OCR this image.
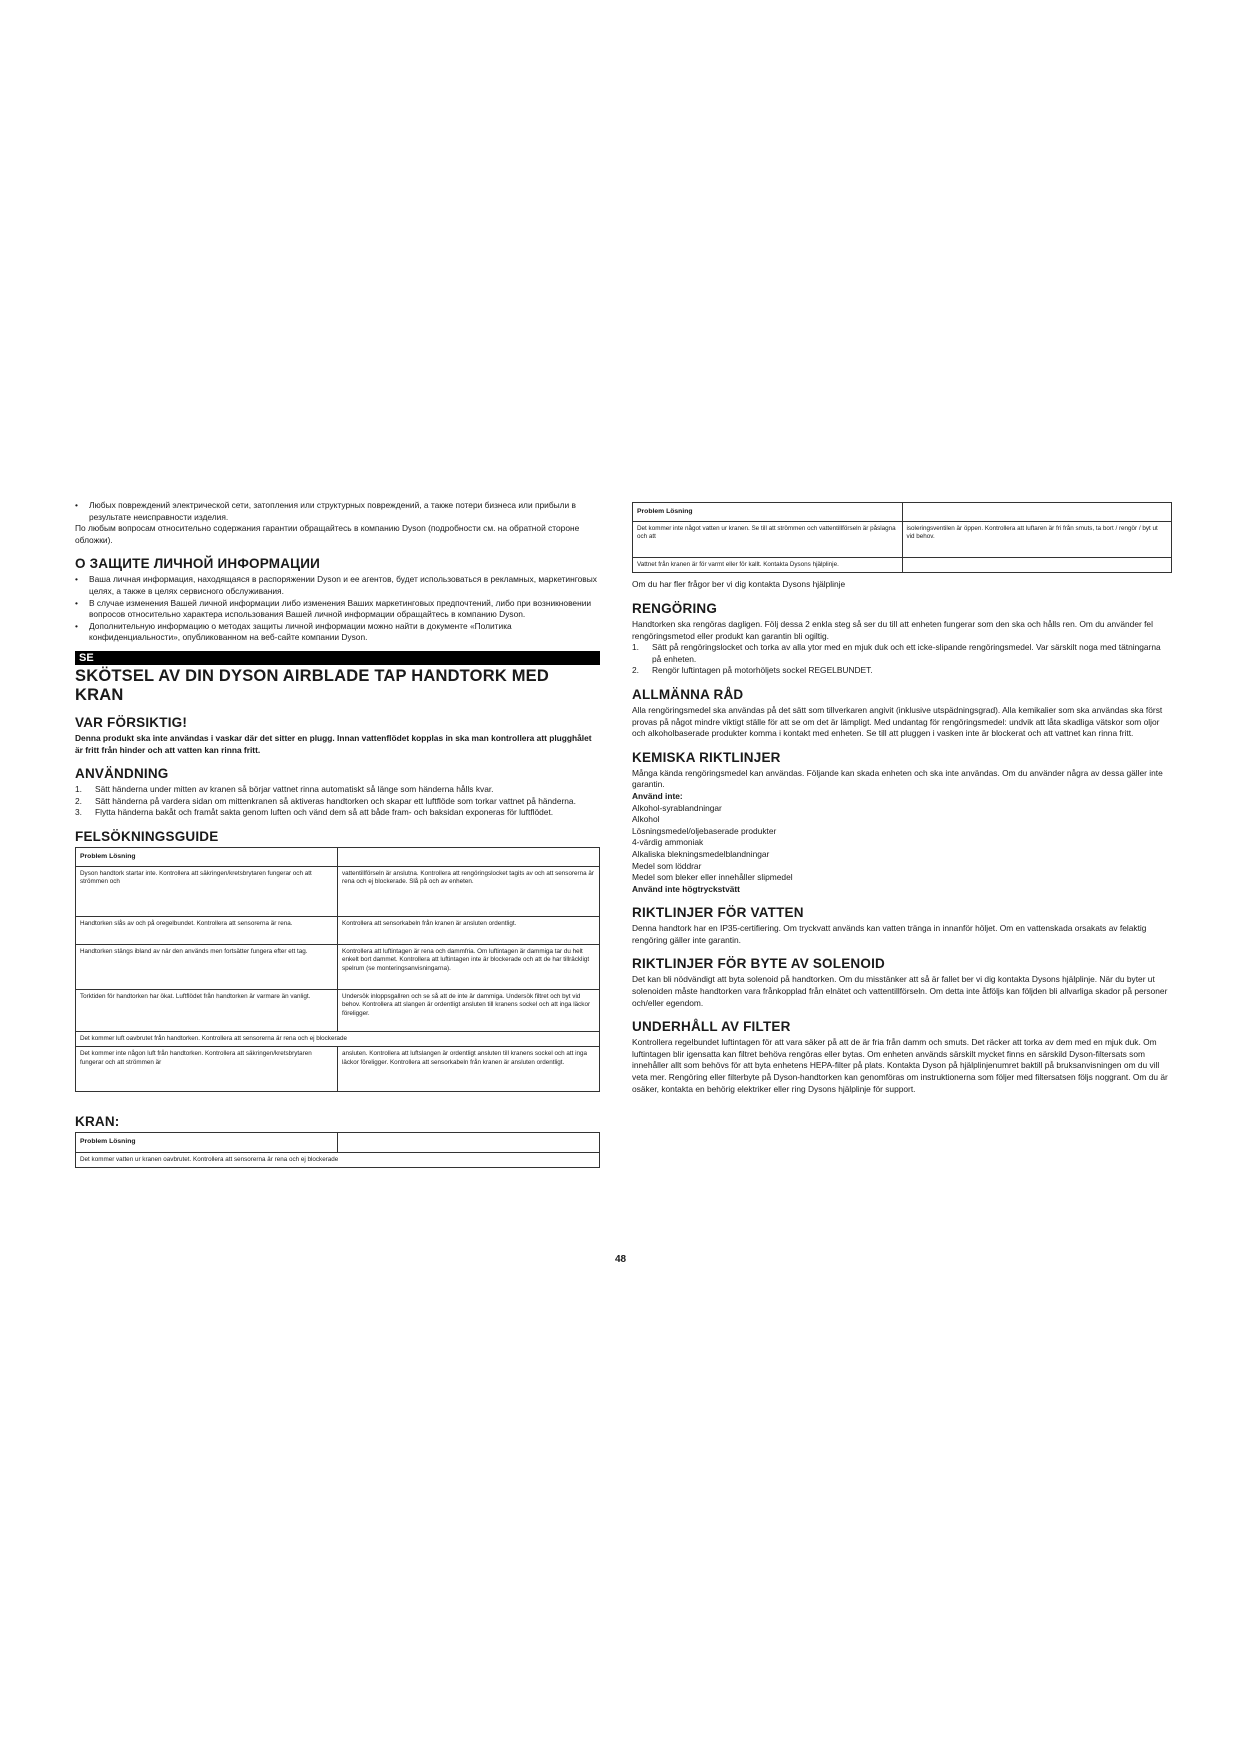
• Любых повреждений электрической сети, затопления или структурных повреждений, а также потери бизнеса или прибыли в результате неисправности изделия.
По любым вопросам относительно содержания гарантии обращайтесь в компанию Dyson (подробности см. на обратной стороне обложки).
О ЗАЩИТЕ ЛИЧНОЙ ИНФОРМАЦИИ
• Ваша личная информация, находящаяся в распоряжении Dyson и ее агентов, будет использоваться в рекламных, маркетинговых целях, а также в целях сервисного обслуживания.
• В случае изменения Вашей личной информации либо изменения Ваших маркетинговых предпочтений, либо при возникновении вопросов относительно характера использования Вашей личной информации обращайтесь в компанию Dyson.
• Дополнительную информацию о методах защиты личной информации можно найти в документе «Политика конфиденциальности», опубликованном на веб-сайте компании Dyson.
SE
SKÖTSEL AV DIN DYSON AIRBLADE TAP HANDTORK MED KRAN
VAR FÖRSIKTIG!
Denna produkt ska inte användas i vaskar där det sitter en plugg. Innan vattenflödet kopplas in ska man kontrollera att plugghålet är fritt från hinder och att vatten kan rinna fritt.
ANVÄNDNING
1. Sätt händerna under mitten av kranen så börjar vattnet rinna automatiskt så länge som händerna hålls kvar.
2. Sätt händerna på vardera sidan om mittenkranen så aktiveras handtorken och skapar ett luftflöde som torkar vattnet på händerna.
3. Flytta händerna bakåt och framåt sakta genom luften och vänd dem så att både fram- och baksidan exponeras för luftflödet.
FELSÖKNINGSGUIDE
Problem Lösning	
Dyson handtork startar inte. Kontrollera att säkringen/kretsbrytaren fungerar och att strömmen och	vattentillförseln är anslutna. Kontrollera att rengöringslocket tagits av och att sensorerna är rena och ej blockerade. Slå på och av enheten.
Handtorken slås av och på oregelbundet. Kontrollera att sensorerna är rena.	Kontrollera att sensorkabeln från kranen är ansluten ordentligt.
Handtorken stängs ibland av när den används men fortsätter fungera efter ett tag.	Kontrollera att luftintagen är rena och dammfria. Om luftintagen är dammiga tar du helt enkelt bort dammet. Kontrollera att luftintagen inte är blockerade och att de har tillräckligt spelrum (se monteringsanvisningarna).
Torktiden för handtorken har ökat. Luftflödet från handtorken är varmare än vanligt.	Undersök inloppsgallren och se så att de inte är dammiga. Undersök filtret och byt vid behov. Kontrollera att slangen är ordentligt ansluten till kranens sockel och att inga läckor föreligger.
Det kommer luft oavbrutet från handtorken. Kontrollera att sensorerna är rena och ej blockerade	
Det kommer inte någon luft från handtorken. Kontrollera att säkringen/kretsbrytaren fungerar och att strömmen är	ansluten. Kontrollera att luftslangen är ordentligt ansluten till kranens sockel och att inga läckor föreligger. Kontrollera att sensorkabeln från kranen är ansluten ordentligt.
KRAN:
Problem Lösning	
Det kommer vatten ur kranen oavbrutet. Kontrollera att sensorerna är rena och ej blockerade
Problem Lösning	
Det kommer inte något vatten ur kranen. Se till att strömmen och vattentillförseln är påslagna och att	isoleringsventilen är öppen. Kontrollera att luftaren är fri från smuts, ta bort / rengör / byt ut vid behov.
Vattnet från kranen är för varmt eller för kallt. Kontakta Dysons hjälplinje.	
Om du har fler frågor ber vi dig kontakta Dysons hjälplinje
RENGÖRING
Handtorken ska rengöras dagligen. Följ dessa 2 enkla steg så ser du till att enheten fungerar som den ska och hålls ren. Om du använder fel rengöringsmetod eller produkt kan garantin bli ogiltig.
1. Sätt på rengöringslocket och torka av alla ytor med en mjuk duk och ett icke-slipande rengöringsmedel. Var särskilt noga med tätningarna på enheten.
2. Rengör luftintagen på motorhöljets sockel REGELBUNDET.
ALLMÄNNA RÅD
Alla rengöringsmedel ska användas på det sätt som tillverkaren angivit (inklusive utspädningsgrad). Alla kemikalier som ska användas ska först provas på något mindre viktigt ställe för att se om det är lämpligt. Med undantag för rengöringsmedel: undvik att låta skadliga vätskor som oljor och alkoholbaserade produkter komma i kontakt med enheten. Se till att pluggen i vasken inte är blockerat och att vattnet kan rinna fritt.
KEMISKA RIKTLINJER
Många kända rengöringsmedel kan användas. Följande kan skada enheten och ska inte användas. Om du använder några av dessa gäller inte garantin.
Använd inte:
Alkohol-syrablandningar
Alkohol
Lösningsmedel/oljebaserade produkter
4-värdig ammoniak
Alkaliska blekningsmedelblandningar
Medel som löddrar
Medel som bleker eller innehåller slipmedel
Använd inte högtryckstvätt
RIKTLINJER FÖR VATTEN
Denna handtork har en IP35-certifiering. Om tryckvatt används kan vatten tränga in innanför höljet. Om en vattenskada orsakats av felaktig rengöring gäller inte garantin.
RIKTLINJER FÖR BYTE AV SOLENOID
Det kan bli nödvändigt att byta solenoid på handtorken. Om du misstänker att så är fallet ber vi dig kontakta Dysons hjälplinje. När du byter ut solenoiden måste handtorken vara frånkopplad från elnätet och vattentillförseln. Om detta inte åtföljs kan följden bli allvarliga skador på personer och/eller egendom.
UNDERHÅLL AV FILTER
Kontrollera regelbundet luftintagen för att vara säker på att de är fria från damm och smuts. Det räcker att torka av dem med en mjuk duk. Om luftintagen blir igensatta kan filtret behöva rengöras eller bytas. Om enheten används särskilt mycket finns en särskild Dyson-filtersats som innehåller allt som behövs för att byta enhetens HEPA-filter på plats. Kontakta Dyson på hjälplinjenumret baktill på bruksanvisningen om du vill veta mer. Rengöring eller filterbyte på Dyson-handtorken kan genomföras om instruktionerna som följer med filtersatsen följs noggrant. Om du är osäker, kontakta en behörig elektriker eller ring Dysons hjälplinje för support.
48
